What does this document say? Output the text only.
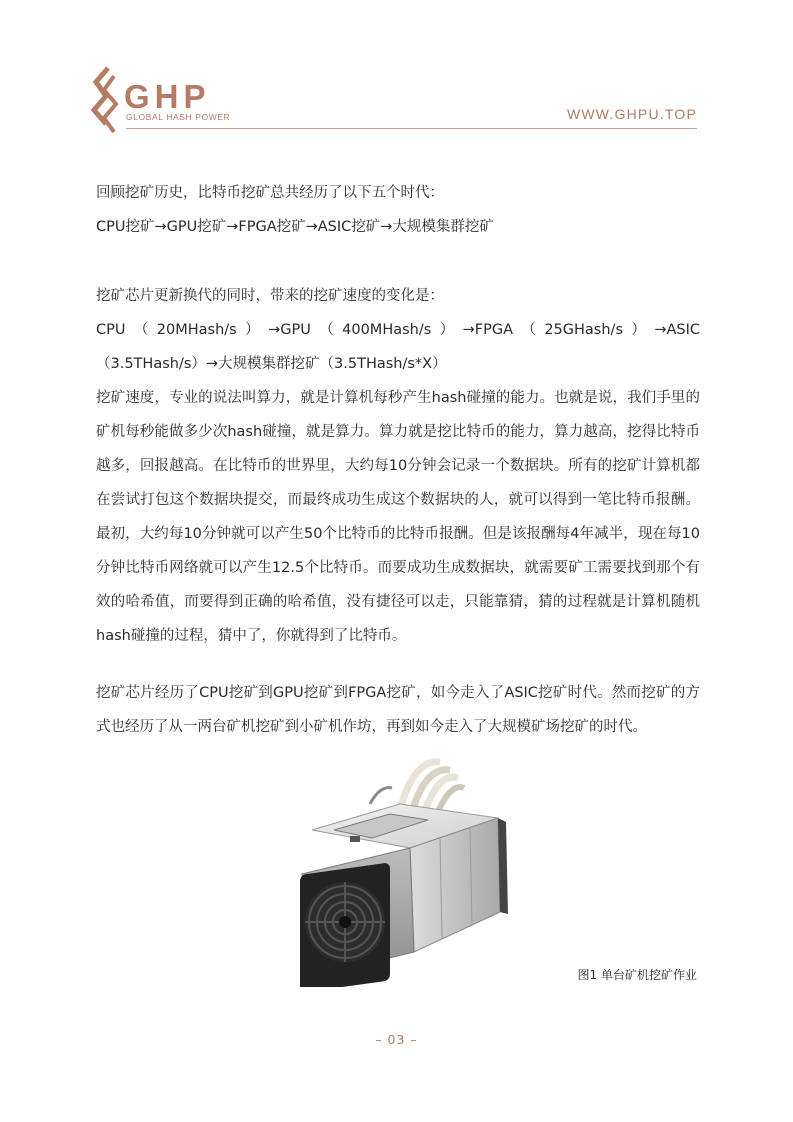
GHP
GLOBAL HASH POWER	WWW.GHPU.TOP
回顾挖矿历史，比特币挖矿总共经历了以下五个时代：
CPU挖矿→GPU挖矿→FPGA挖矿→ASIC挖矿→大规模集群挖矿
挖矿芯片更新换代的同时，带来的挖矿速度的变化是：
CPU（20MHash/s）→GPU（400MHash/s）→FPGA（25GHash/s）→ASIC
（3.5THash/s）→大规模集群挖矿（3.5THash/s*X）
挖矿速度，专业的说法叫算力，就是计算机每秒产生hash碰撞的能力。也就是说，我们手里的
矿机每秒能做多少次hash碰撞，就是算力。算力就是挖比特币的能力，算力越高，挖得比特币
越多，回报越高。在比特币的世界里，大约每10分钟会记录一个数据块。所有的挖矿计算机都
在尝试打包这个数据块提交，而最终成功生成这个数据块的人，就可以得到一笔比特币报酬。
最初，大约每10分钟就可以产生50个比特币的比特币报酬。但是该报酬每4年减半，现在每10
分钟比特币网络就可以产生12.5个比特币。而要成功生成数据块，就需要矿工需要找到那个有
效的哈希值，而要得到正确的哈希值，没有捷径可以走，只能靠猜，猜的过程就是计算机随机
hash碰撞的过程，猜中了，你就得到了比特币。
挖矿芯片经历了CPU挖矿到GPU挖矿到FPGA挖矿，如今走入了ASIC挖矿时代。然而挖矿的方
式也经历了从一两台矿机挖矿到小矿机作坊，再到如今走入了大规模矿场挖矿的时代。
图1 单台矿机挖矿作业
– 03 –
